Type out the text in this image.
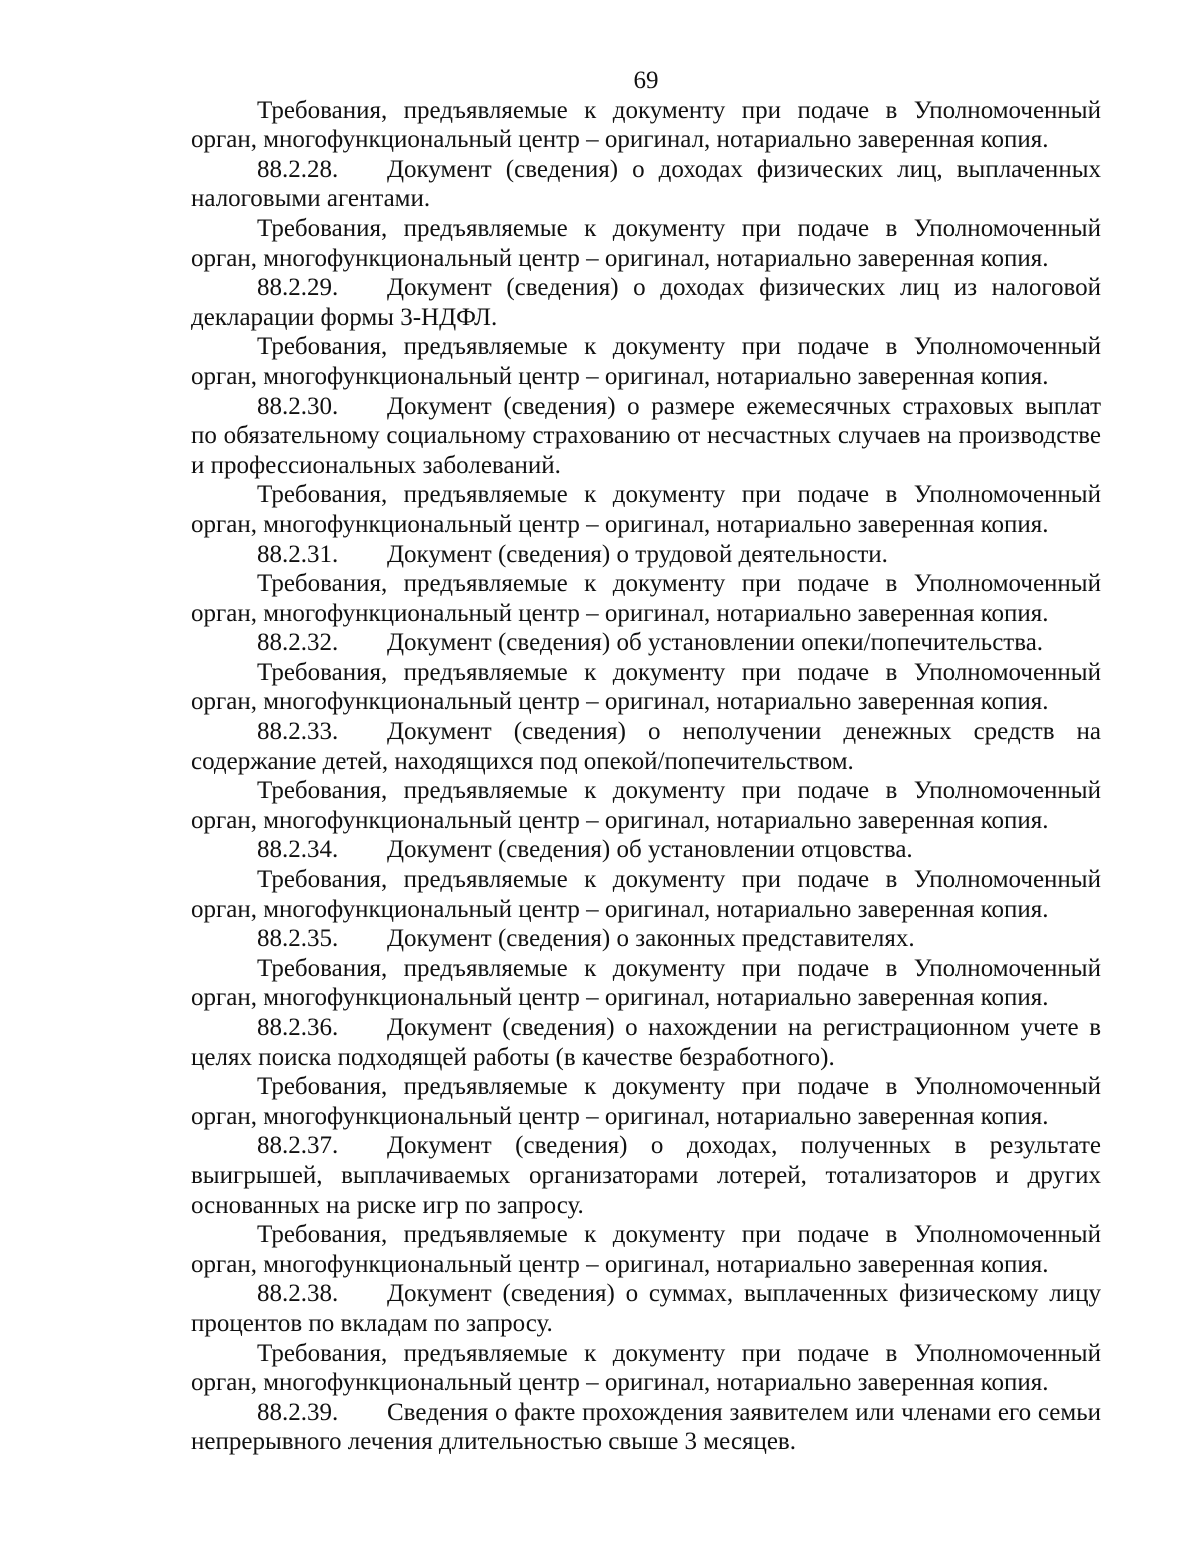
69

Требования, предъявляемые к документу при подаче в Уполномоченный орган, многофункциональный центр – оригинал, нотариально заверенная копия.

88.2.28. Документ (сведения) о доходах физических лиц, выплаченных налоговыми агентами.

Требования, предъявляемые к документу при подаче в Уполномоченный орган, многофункциональный центр – оригинал, нотариально заверенная копия.

88.2.29. Документ (сведения) о доходах физических лиц из налоговой декларации формы 3-НДФЛ.

Требования, предъявляемые к документу при подаче в Уполномоченный орган, многофункциональный центр – оригинал, нотариально заверенная копия.

88.2.30. Документ (сведения) о размере ежемесячных страховых выплат по обязательному социальному страхованию от несчастных случаев на производстве и профессиональных заболеваний.

Требования, предъявляемые к документу при подаче в Уполномоченный орган, многофункциональный центр – оригинал, нотариально заверенная копия.

88.2.31. Документ (сведения) о трудовой деятельности.

Требования, предъявляемые к документу при подаче в Уполномоченный орган, многофункциональный центр – оригинал, нотариально заверенная копия.

88.2.32. Документ (сведения) об установлении опеки/попечительства.

Требования, предъявляемые к документу при подаче в Уполномоченный орган, многофункциональный центр – оригинал, нотариально заверенная копия.

88.2.33. Документ (сведения) о неполучении денежных средств на содержание детей, находящихся под опекой/попечительством.

Требования, предъявляемые к документу при подаче в Уполномоченный орган, многофункциональный центр – оригинал, нотариально заверенная копия.

88.2.34. Документ (сведения) об установлении отцовства.

Требования, предъявляемые к документу при подаче в Уполномоченный орган, многофункциональный центр – оригинал, нотариально заверенная копия.

88.2.35. Документ (сведения) о законных представителях.

Требования, предъявляемые к документу при подаче в Уполномоченный орган, многофункциональный центр – оригинал, нотариально заверенная копия.

88.2.36. Документ (сведения) о нахождении на регистрационном учете в целях поиска подходящей работы (в качестве безработного).

Требования, предъявляемые к документу при подаче в Уполномоченный орган, многофункциональный центр – оригинал, нотариально заверенная копия.

88.2.37. Документ (сведения) о доходах, полученных в результате выигрышей, выплачиваемых организаторами лотерей, тотализаторов и других основанных на риске игр по запросу.

Требования, предъявляемые к документу при подаче в Уполномоченный орган, многофункциональный центр – оригинал, нотариально заверенная копия.

88.2.38. Документ (сведения) о суммах, выплаченных физическому лицу процентов по вкладам по запросу.

Требования, предъявляемые к документу при подаче в Уполномоченный орган, многофункциональный центр – оригинал, нотариально заверенная копия.

88.2.39. Сведения о факте прохождения заявителем или членами его семьи непрерывного лечения длительностью свыше 3 месяцев.
